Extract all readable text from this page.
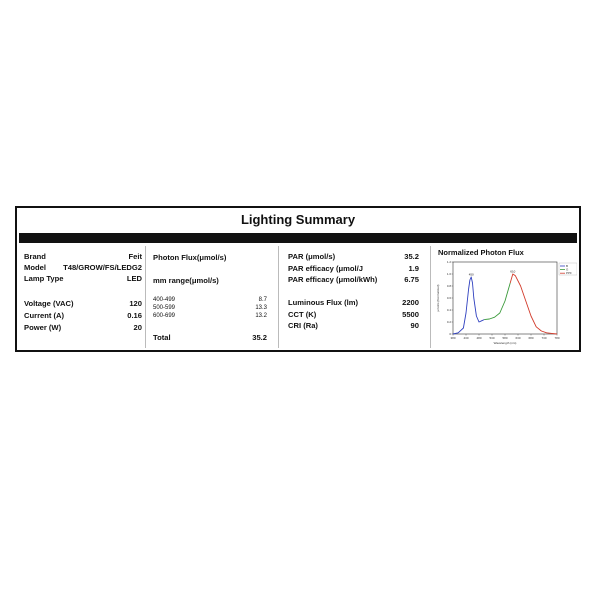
Lighting Summary
Brand	Feit
Model T48/GROW/FS/LEDG2
Lamp Type	LED
Voltage (VAC)	120
Current (A)	0.16
Power (W)	20
Photon Flux(μmol/s)
mm range(μmol/s)
400-499	8.7
500-599	13.3
600-699	13.2
Total	35.2
PAR (μmol/s)	35.2
PAR efficacy (μmol/J	1.9
PAR efficacy (μmol/kWh)	6.75
Luminous Flux (lm)	2200
CCT (K)	5500
CRI (Ra)	90
Normalized Photon Flux
380	430	480	530	580	630	680	730	780
0
0.2
0.4
0.6
0.8
1.0
1.2
Wavelength (nm)
μmol/s (Normalized)
450
610
B
G
PPF
